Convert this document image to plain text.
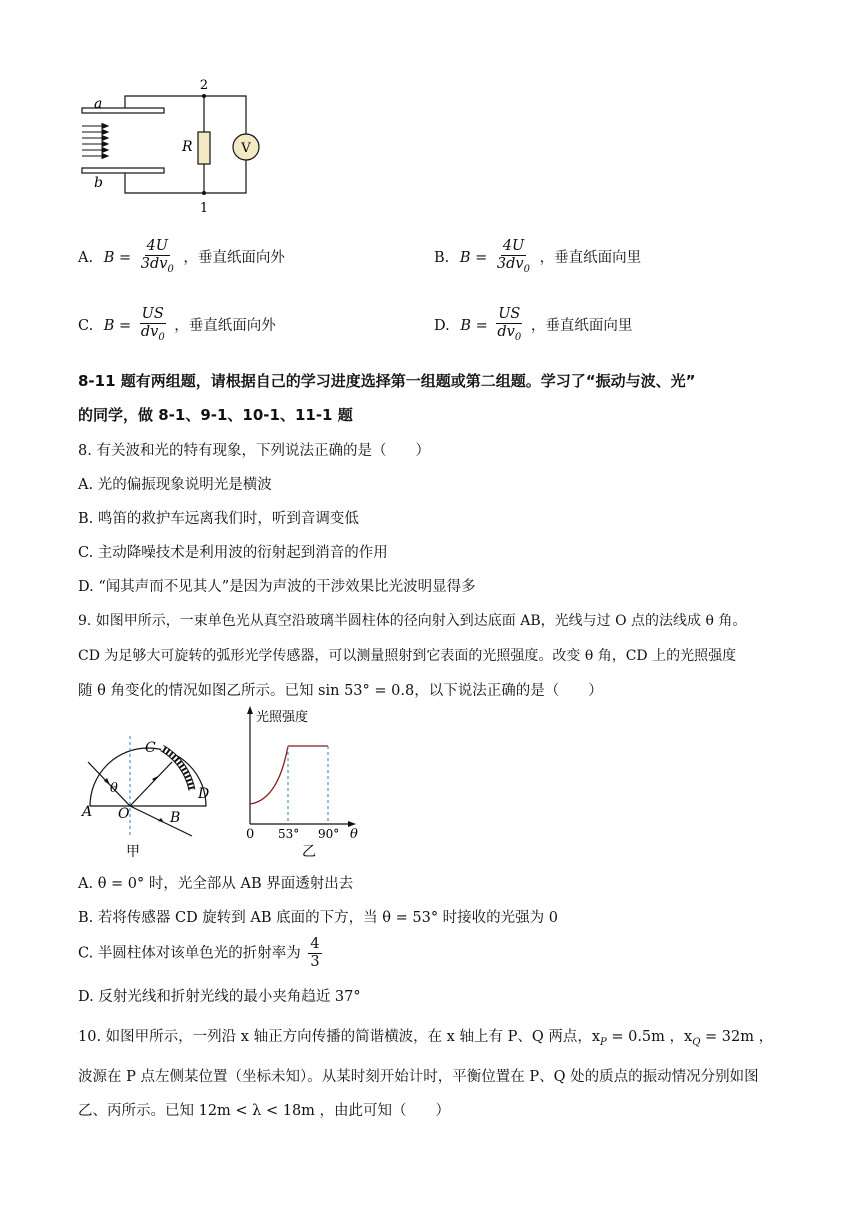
V
2
1
R
a
b
A. $B = \frac{4U}{3dv_0}$ ，垂直纸面向外	B. $B = \frac{4U}{3dv_0}$ ，垂直纸面向里
C. $B = \frac{US}{dv_0}$ ，垂直纸面向外	D. $B = \frac{US}{dv_0}$ ，垂直纸面向里
8-11 题有两组题，请根据自己的学习进度选择第一组题或第二组题。学习了“振动与波、光”
的同学，做 8-1、9-1、10-1、11-1 题
8. 有关波和光的特有现象，下列说法正确的是（　　）
A. 光的偏振现象说明光是横波
B. 鸣笛的救护车远离我们时，听到音调变低
C. 主动降噪技术是利用波的衍射起到消音的作用
D. “闻其声而不见其人”是因为声波的干涉效果比光波明显得多
9. 如图甲所示，一束单色光从真空沿玻璃半圆柱体的径向射入到达底面 AB，光线与过 O 点的法线成 θ 角。
CD 为足够大可旋转的弧形光学传感器，可以测量照射到它表面的光照强度。改变 θ 角，CD 上的光照强度
随 θ 角变化的情况如图乙所示。已知 sin 53° = 0.8，以下说法正确的是（　　）
C
D
A O	B
θ
甲
光照强度
0 53° 90° θ
乙
A. θ = 0° 时，光全部从 AB 界面透射出去
B. 若将传感器 CD 旋转到 AB 底面的下方，当 θ = 53° 时接收的光强为 0
C. 半圆柱体对该单色光的折射率为 $\frac{4}{3}$
D. 反射光线和折射光线的最小夹角趋近 37°
10. 如图甲所示，一列沿 x 轴正方向传播的简谐横波，在 x 轴上有 P、Q 两点，$x_P = 0.5m$ ，$x_Q = 32m$ ，
波源在 P 点左侧某位置（坐标未知）。从某时刻开始计时，平衡位置在 P、Q 处的质点的振动情况分别如图
乙、丙所示。已知 12m < λ < 18m ，由此可知（　　）
